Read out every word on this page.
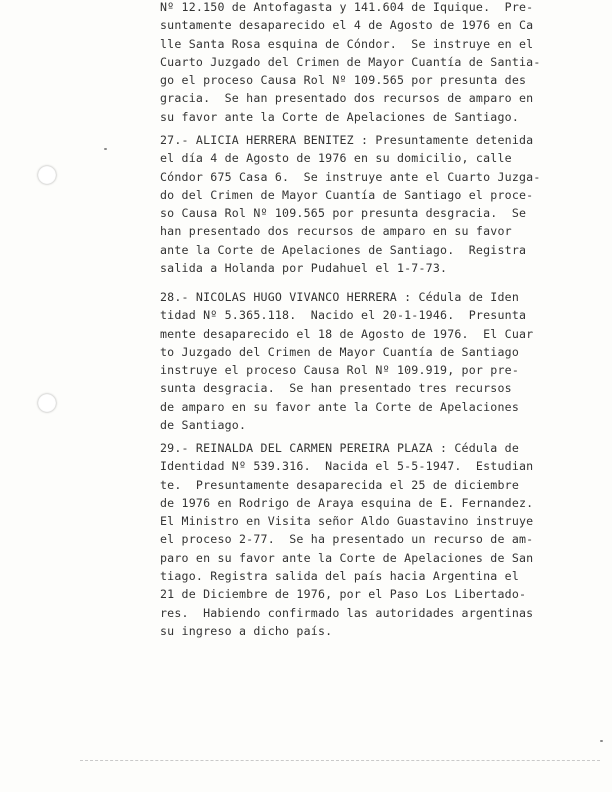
Nº 12.150 de Antofagasta y 141.604 de Iquique.  Pre-
suntamente desaparecido el 4 de Agosto de 1976 en Ca
lle Santa Rosa esquina de Cóndor.  Se instruye en el
Cuarto Juzgado del Crimen de Mayor Cuantía de Santia-
go el proceso Causa Rol Nº 109.565 por presunta des
gracia.  Se han presentado dos recursos de amparo en
su favor ante la Corte de Apelaciones de Santiago.
27.- ALICIA HERRERA BENITEZ : Presuntamente detenida
el día 4 de Agosto de 1976 en su domicilio, calle
Cóndor 675 Casa 6.  Se instruye ante el Cuarto Juzga-
do del Crimen de Mayor Cuantía de Santiago el proce-
so Causa Rol Nº 109.565 por presunta desgracia.  Se
han presentado dos recursos de amparo en su favor
ante la Corte de Apelaciones de Santiago.  Registra
salida a Holanda por Pudahuel el 1-7-73.
28.- NICOLAS HUGO VIVANCO HERRERA : Cédula de Iden
tidad Nº 5.365.118.  Nacido el 20-1-1946.  Presunta
mente desaparecido el 18 de Agosto de 1976.  El Cuar
to Juzgado del Crimen de Mayor Cuantía de Santiago
instruye el proceso Causa Rol Nº 109.919, por pre-
sunta desgracia.  Se han presentado tres recursos
de amparo en su favor ante la Corte de Apelaciones
de Santiago.
29.- REINALDA DEL CARMEN PEREIRA PLAZA : Cédula de
Identidad Nº 539.316.  Nacida el 5-5-1947.  Estudian
te.  Presuntamente desaparecida el 25 de diciembre
de 1976 en Rodrigo de Araya esquina de E. Fernandez.
El Ministro en Visita señor Aldo Guastavino instruye
el proceso 2-77.  Se ha presentado un recurso de am-
paro en su favor ante la Corte de Apelaciones de San
tiago. Registra salida del país hacia Argentina el
21 de Diciembre de 1976, por el Paso Los Libertado-
res.  Habiendo confirmado las autoridades argentinas
su ingreso a dicho país.
